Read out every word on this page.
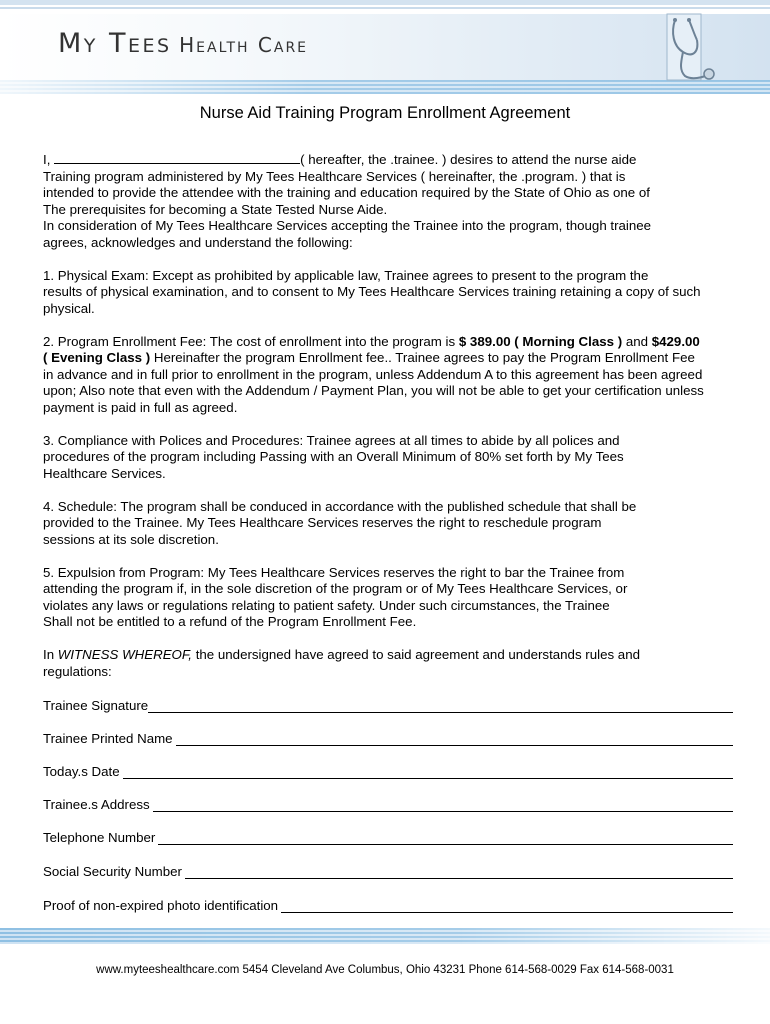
My Tees Health Care
Nurse Aid Training Program Enrollment Agreement

I,	( hereafter, the .trainee. ) desires to attend the nurse aide
Training program administered by My Tees Healthcare Services ( hereinafter, the .program. ) that is
intended to provide the attendee with the training and education required by the State of Ohio as one of
The prerequisites for becoming a State Tested Nurse Aide.
In consideration of My Tees Healthcare Services accepting the Trainee into the program, though trainee
agrees, acknowledges and understand the following:

1. Physical Exam: Except as prohibited by applicable law, Trainee agrees to present to the program the
results of physical examination, and to consent to My Tees Healthcare Services training retaining a copy of such
physical.

2. Program Enrollment Fee: The cost of enrollment into the program is $ 389.00 ( Morning Class ) and $429.00
( Evening Class ) Hereinafter the program Enrollment fee.. Trainee agrees to pay the Program Enrollment Fee
in advance and in full prior to enrollment in the program, unless Addendum A to this agreement has been agreed
upon; Also note that even with the Addendum / Payment Plan, you will not be able to get your certification unless
payment is paid in full as agreed.

3. Compliance with Polices and Procedures: Trainee agrees at all times to abide by all polices and
procedures of the program including Passing with an Overall Minimum of 80% set forth by My Tees
Healthcare Services.

4. Schedule: The program shall be conduced in accordance with the published schedule that shall be
provided to the Trainee. My Tees Healthcare Services reserves the right to reschedule program
sessions at its sole discretion.

5. Expulsion from Program: My Tees Healthcare Services reserves the right to bar the Trainee from
attending the program if, in the sole discretion of the program or of My Tees Healthcare Services, or
violates any laws or regulations relating to patient safety. Under such circumstances, the Trainee
Shall not be entitled to a refund of the Program Enrollment Fee.

In WITNESS WHEREOF, the undersigned have agreed to said agreement and understands rules and
regulations:

Trainee Signature
Trainee Printed Name
Today.s Date
Trainee.s Address
Telephone Number
Social Security Number
Proof of non-expired photo identification
www.myteeshealthcare.com 5454 Cleveland Ave Columbus, Ohio 43231 Phone 614-568-0029 Fax 614-568-0031
